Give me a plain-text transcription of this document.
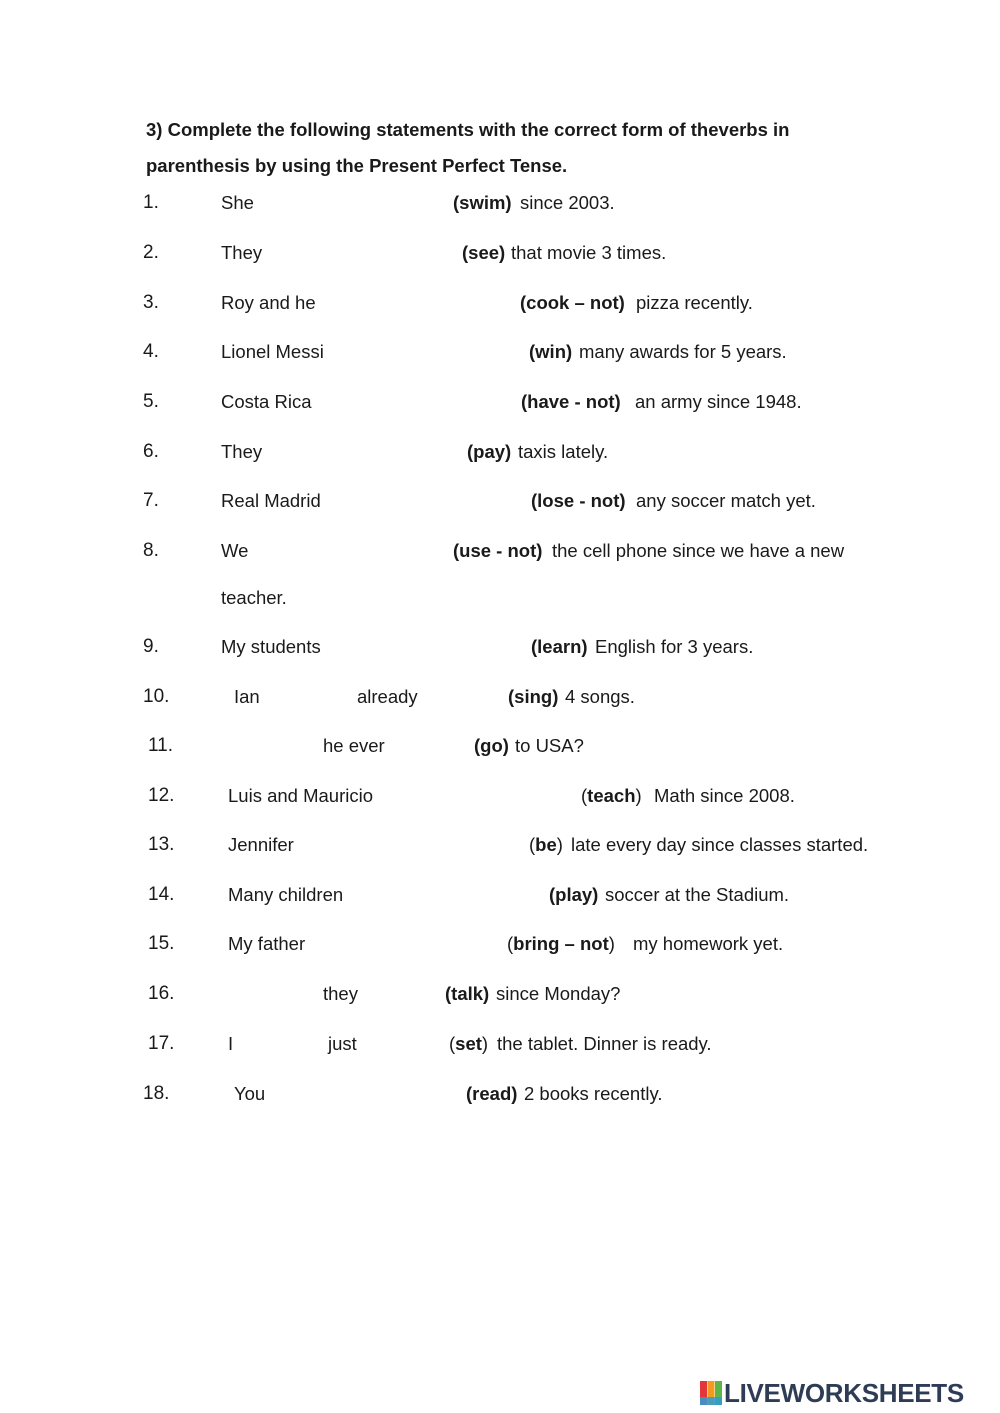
3) Complete the following statements with the correct form of theverbs in

parenthesis by using the Present Perfect Tense.

1.	She	(swim) since 2003.
2.	They	(see) that movie 3 times.
3.	Roy and he	(cook – not) pizza recently.
4.	Lionel Messi	(win) many awards for 5 years.
5.	Costa Rica	(have - not) an army since 1948.
6.	They	(pay) taxis lately.
7.	Real Madrid	(lose - not) any soccer match yet.
8.	We	(use - not) the cell phone since we have a new
teacher.
9.	My students	(learn) English for 3 years.
10.	Ian	already	(sing) 4 songs.
11.	he ever	(go) to USA?
12.	Luis and Mauricio	(teach) Math since 2008.
13.	Jennifer	(be) late every day since classes started.
14.	Many children	(play) soccer at the Stadium.
15.	My father	(bring – not) my homework yet.
16.	they	(talk) since Monday?
17.	I	just	(set) the tablet. Dinner is ready.
18.	You	(read) 2 books recently.
LIVEWORKSHEETS
